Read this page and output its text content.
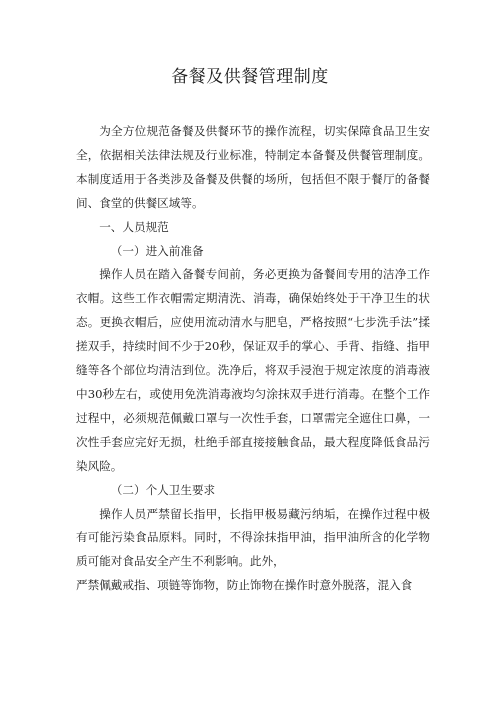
备餐及供餐管理制度

为全方位规范备餐及供餐环节的操作流程，切实保障食品卫生安全，依据相关法律法规及行业标准，特制定本备餐及供餐管理制度。本制度适用于各类涉及备餐及供餐的场所，包括但不限于餐厅的备餐间、食堂的供餐区域等。

一、人员规范

（一）进入前准备

操作人员在踏入备餐专间前，务必更换为备餐间专用的洁净工作衣帽。这些工作衣帽需定期清洗、消毒，确保始终处于干净卫生的状态。更换衣帽后，应使用流动清水与肥皂，严格按照“七步洗手法”揉搓双手，持续时间不少于20秒，保证双手的掌心、手背、指缝、指甲缝等各个部位均清洁到位。洗净后，将双手浸泡于规定浓度的消毒液中30秒左右，或使用免洗消毒液均匀涂抹双手进行消毒。在整个工作过程中，必须规范佩戴口罩与一次性手套，口罩需完全遮住口鼻，一次性手套应完好无损，杜绝手部直接接触食品，最大程度降低食品污染风险。

（二）个人卫生要求

操作人员严禁留长指甲，长指甲极易藏污纳垢，在操作过程中极有可能污染食品原料。同时，不得涂抹指甲油，指甲油所含的化学物质可能对食品安全产生不利影响。此外，

严禁佩戴戒指、项链等饰物，防止饰物在操作时意外脱落，混入食
